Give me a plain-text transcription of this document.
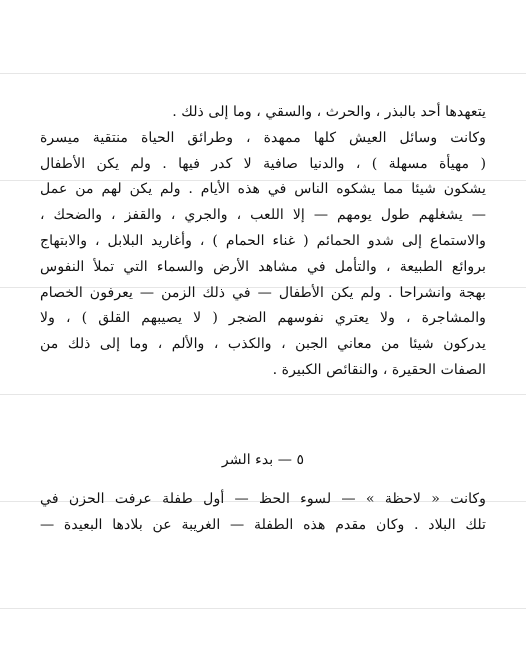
يتعهدها أحد بالبذر ، والحرث ، والسقي ، وما إلى ذلك .
وكانت وسائل العيش كلها ممهدة ، وطرائق الحياة منتقية ميسرة
( مهيأة مسهلة ) ، والدنيا صافية لا كدر فيها . ولم يكن الأطفال
يشكون شيئا مما يشكوه الناس في هذه الأيام . ولم يكن لهم من عمل
— يشغلهم طول يومهم — إلا اللعب ، والجري ، والقفز ، والضحك ،
والاستماع إلى شدو الحمائم ( غناء الحمام ) ، وأغاريد البلابل ، والابتهاج
بروائع الطبيعة ، والتأمل في مشاهد الأرض والسماء التي تملأ النفوس
بهجة وانشراحا . ولم يكن الأطفال — في ذلك الزمن — يعرفون الخصام
والمشاجرة ، ولا يعتري نفوسهم الضجر ( لا يصيبهم القلق ) ، ولا
يدركون شيئا من معاني الجبن ، والكذب ، والألم ، وما إلى ذلك من
الصفات الحقيرة ، والنقائص الكبيرة .
٥ — بدء الشر
وكانت « لاحظة » — لسوء الحظ — أول طفلة عرفت الحزن في
تلك البلاد . وكان مقدم هذه الطفلة — الغريبة عن بلادها البعيدة —
